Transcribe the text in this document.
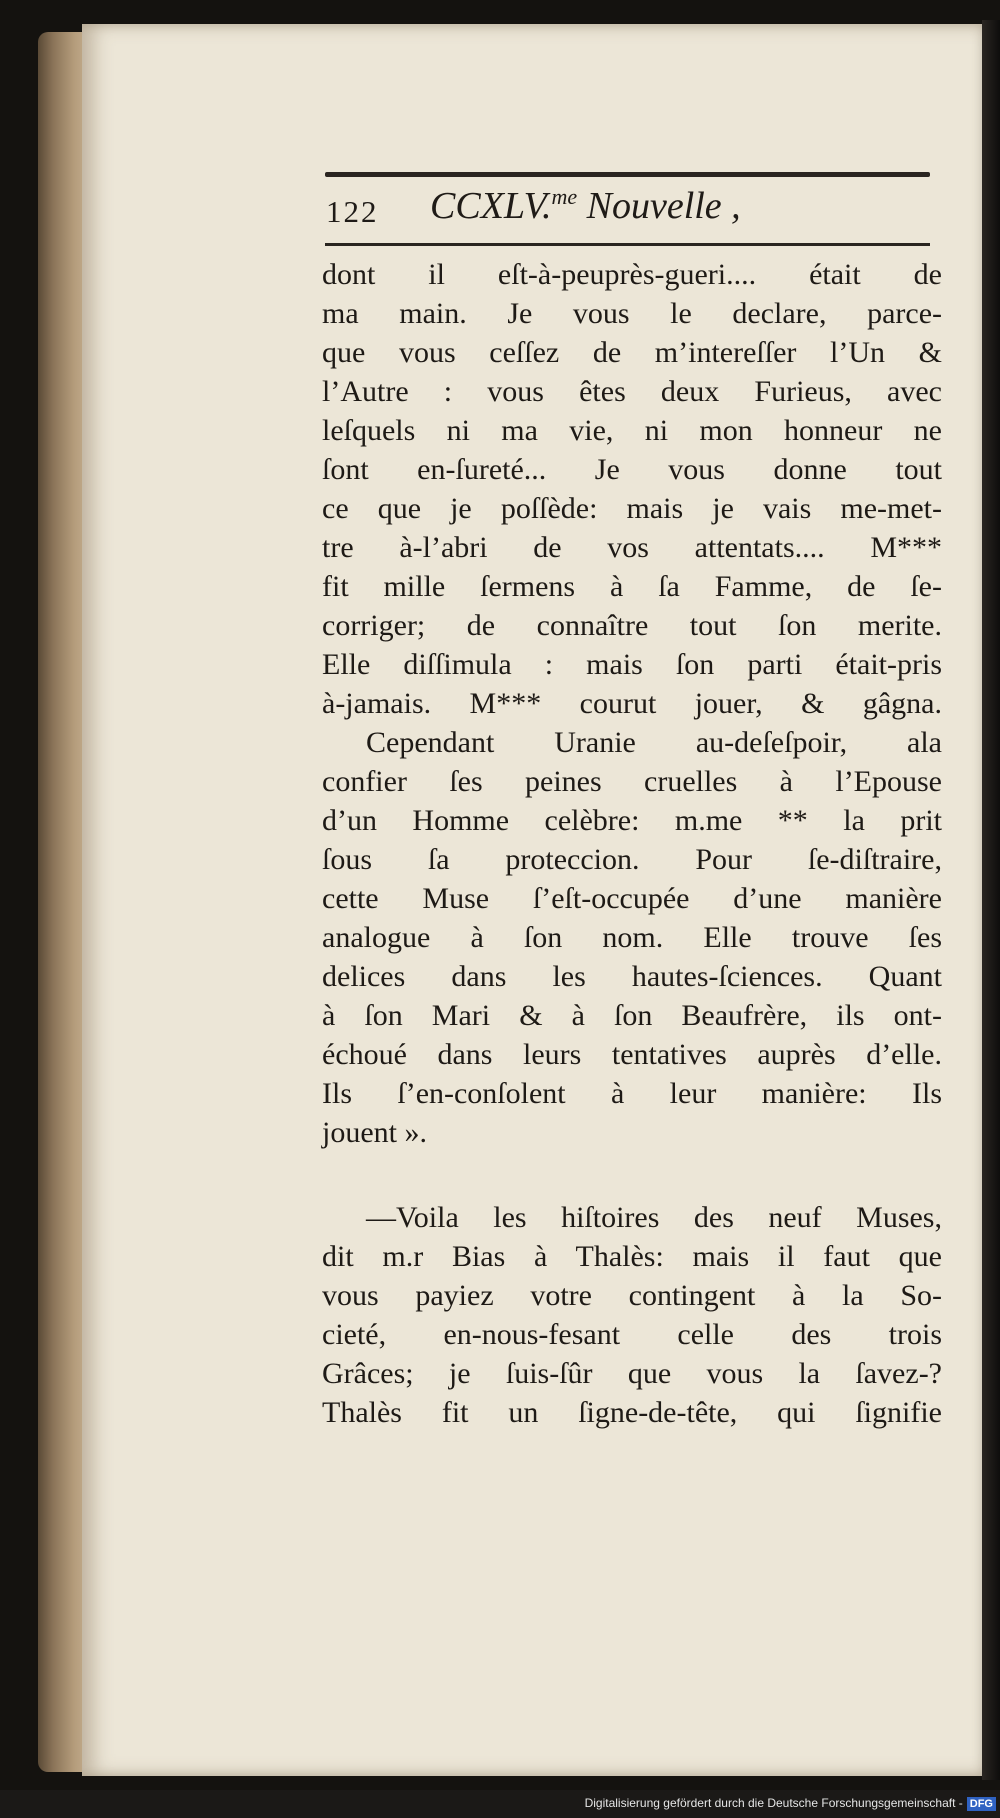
122 CCXLV.$^{me}$ Nouvelle ,
dont il eſt-à-peuprès-gueri.... était de
ma main. Je vous le declare, parce-
que vous ceſſez de m’intereſſer l’Un &
l’Autre : vous êtes deux Furieus, avec
leſquels ni ma vie, ni mon honneur ne
ſont en-ſureté... Je vous donne tout
ce que je poſſède: mais je vais me-met-
tre à-l’abri de vos attentats.... M***
fit mille ſermens à ſa Famme, de ſe-
corriger; de connaître tout ſon merite.
Elle diſſimula : mais ſon parti était-pris
à-jamais. M*** courut jouer, & gâgna.
Cependant Uranie au-deſeſpoir, ala
confier ſes peines cruelles à l’Epouse
d’un Homme celèbre: m.me ** la prit
ſous ſa proteccion. Pour ſe-diſtraire,
cette Muse ſ’eſt-occupée d’une manière
analogue à ſon nom. Elle trouve ſes
delices dans les hautes-ſciences. Quant
à ſon Mari & à ſon Beaufrère, ils ont-
échoué dans leurs tentatives auprès d’elle.
Ils ſ’en-conſolent à leur manière: Ils
jouent ».
—Voila les hiſtoires des neuf Muses,
dit m.r Bias à Thalès: mais il faut que
vous payiez votre contingent à la So-
cieté, en-nous-fesant celle des trois
Grâces; je ſuis-ſûr que vous la ſavez-?
Thalès fit un ſigne-de-tête, qui ſignifie
Digitalisierung gefördert durch die Deutsche Forschungsgemeinschaft - DFG
